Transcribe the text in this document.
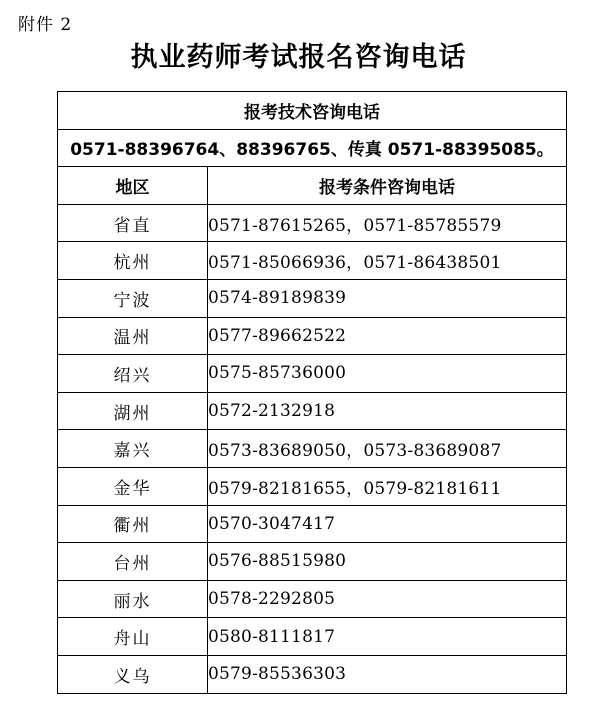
附件 2
执业药师考试报名咨询电话
报考技术咨询电话	
0571-88396764、88396765、传真 0571-88395085。	
地区	报考条件咨询电话
省直	0571-87615265，0571-85785579
杭州	0571-85066936，0571-86438501
宁波	0574-89189839
温州	0577-89662522
绍兴	0575-85736000
湖州	0572-2132918
嘉兴	0573-83689050，0573-83689087
金华	0579-82181655，0579-82181611
衢州	0570-3047417
台州	0576-88515980
丽水	0578-2292805
舟山	0580-8111817
义乌	0579-85536303
